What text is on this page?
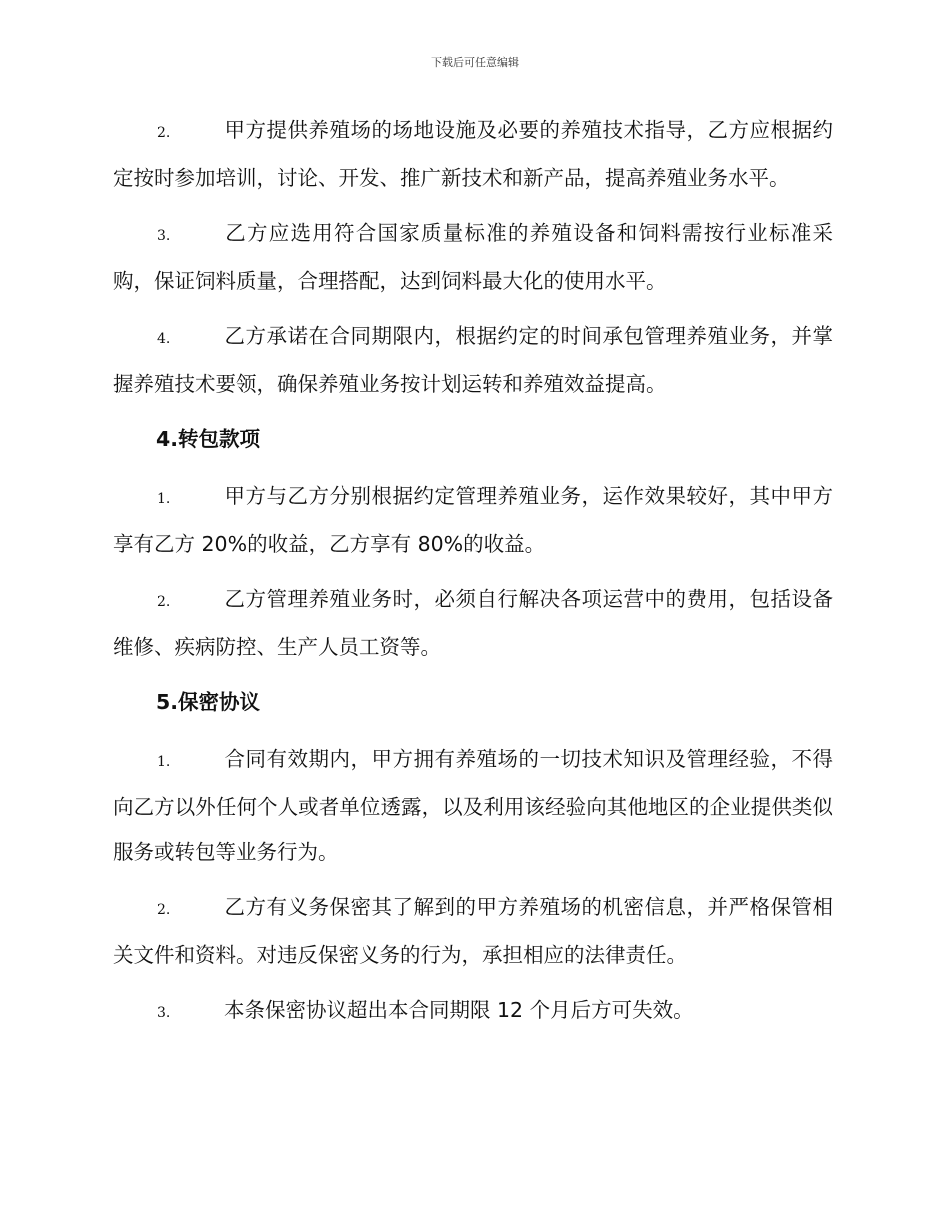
下载后可任意编辑

2.	甲方提供养殖场的场地设施及必要的养殖技术指导，乙方应根据约定按时参加培训，讨论、开发、推广新技术和新产品，提高养殖业务水平。

3.	乙方应选用符合国家质量标准的养殖设备和饲料需按行业标准采购，保证饲料质量，合理搭配，达到饲料最大化的使用水平。

4.	乙方承诺在合同期限内，根据约定的时间承包管理养殖业务，并掌握养殖技术要领，确保养殖业务按计划运转和养殖效益提高。

4.转包款项

1.	甲方与乙方分别根据约定管理养殖业务，运作效果较好，其中甲方享有乙方 20%的收益，乙方享有 80%的收益。

2.	乙方管理养殖业务时，必须自行解决各项运营中的费用，包括设备维修、疾病防控、生产人员工资等。

5.保密协议

1.	合同有效期内，甲方拥有养殖场的一切技术知识及管理经验，不得向乙方以外任何个人或者单位透露，以及利用该经验向其他地区的企业提供类似服务或转包等业务行为。

2.	乙方有义务保密其了解到的甲方养殖场的机密信息，并严格保管相关文件和资料。对违反保密义务的行为，承担相应的法律责任。

3.	本条保密协议超出本合同期限 12 个月后方可失效。
